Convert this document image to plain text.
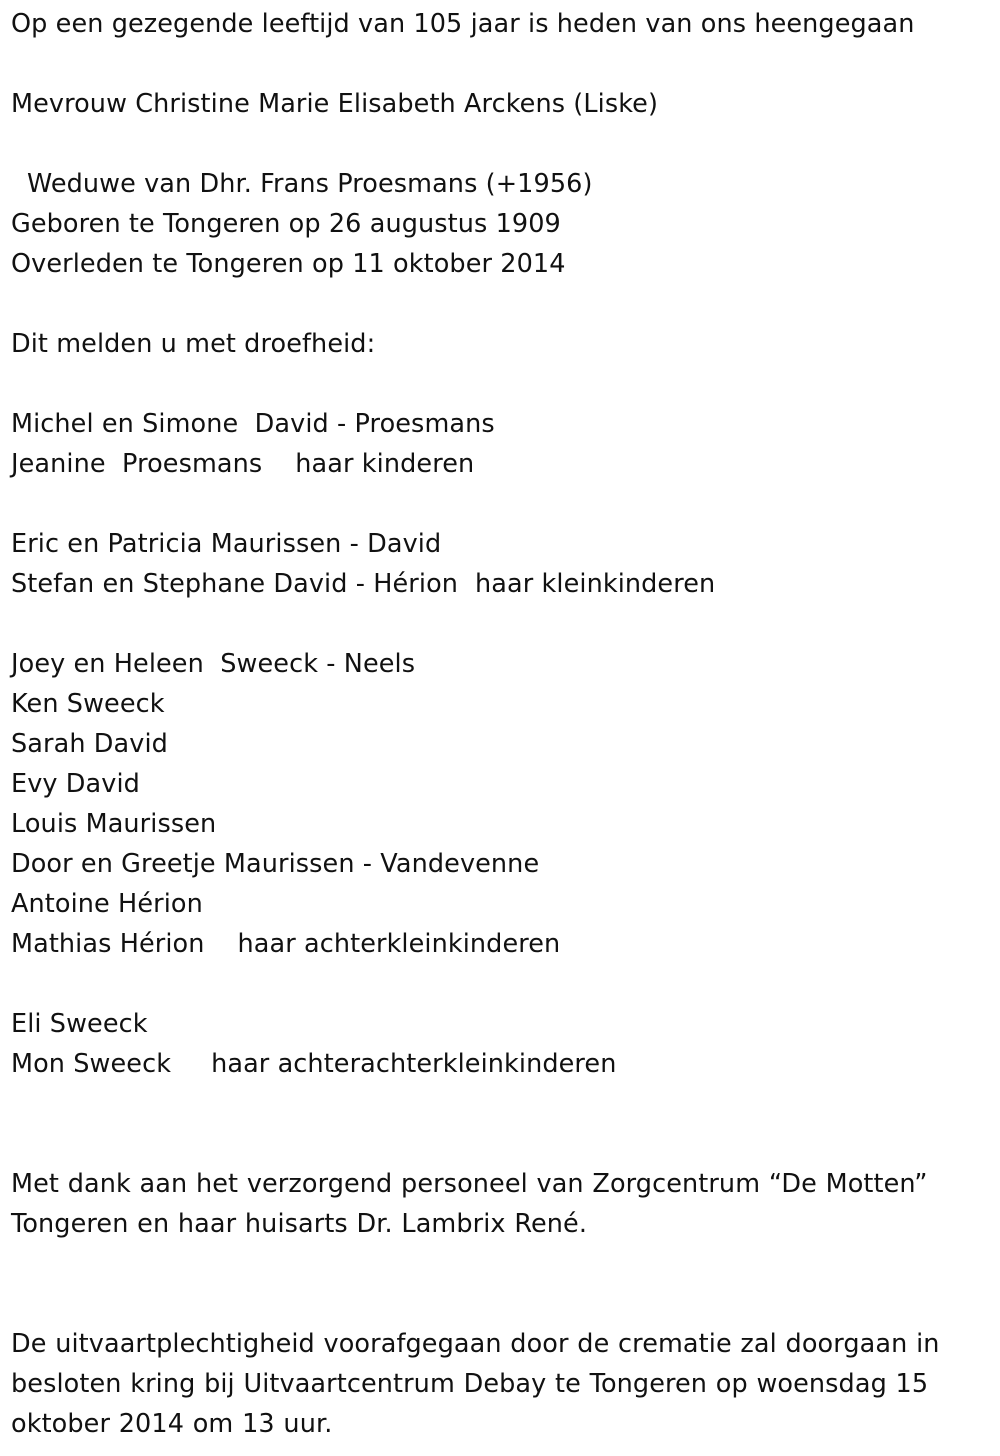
Op een gezegende leeftijd van 105 jaar is heden van ons heengegaan
Mevrouw Christine Marie Elisabeth Arckens (Liske)
Weduwe van Dhr. Frans Proesmans (+1956)
Geboren te Tongeren op 26 augustus 1909
Overleden te Tongeren op 11 oktober 2014
Dit melden u met droefheid:
Michel en Simone  David - Proesmans
Jeanine  Proesmans haar kinderen
Eric en Patricia Maurissen - David
Stefan en Stephane David - Hérion haar kleinkinderen
Joey en Heleen  Sweeck - Neels
Ken Sweeck
Sarah David
Evy David
Louis Maurissen
Door en Greetje Maurissen - Vandevenne
Antoine Hérion
Mathias Hérion haar achterkleinkinderen
Eli Sweeck
Mon Sweeck haar achterachterkleinkinderen
Met dank aan het verzorgend personeel van Zorgcentrum “De Motten” Tongeren en haar huisarts Dr. Lambrix René.
De uitvaartplechtigheid voorafgegaan door de crematie zal doorgaan in besloten kring bij Uitvaartcentrum Debay te Tongeren op woensdag 15 oktober 2014 om 13 uur.
